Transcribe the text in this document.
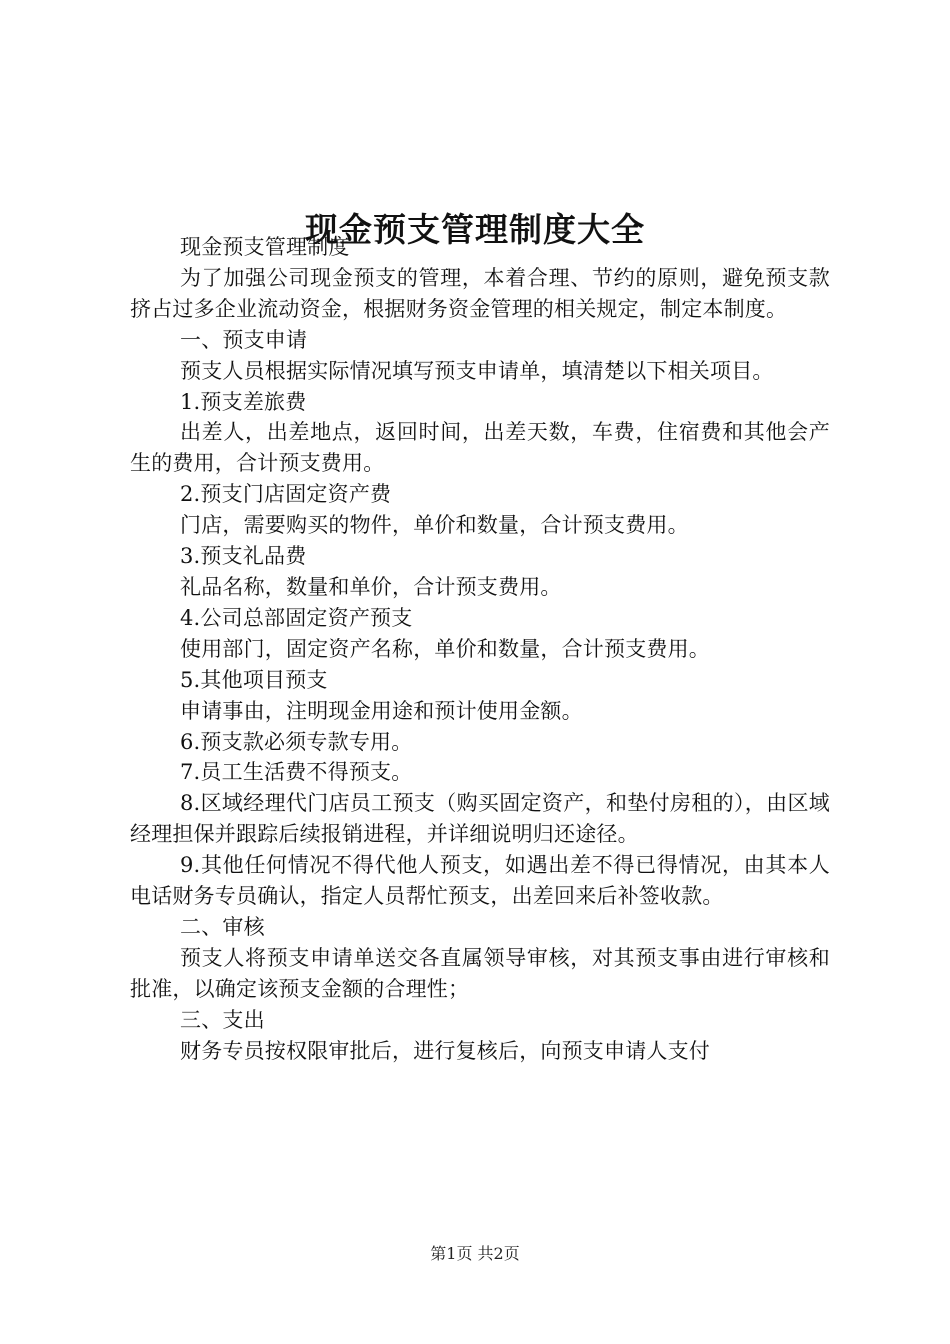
现金预支管理制度大全

现金预支管理制度

为了加强公司现金预支的管理，本着合理、节约的原则，避免预支款挤占过多企业流动资金，根据财务资金管理的相关规定，制定本制度。

一、预支申请

预支人员根据实际情况填写预支申请单，填清楚以下相关项目。

1.预支差旅费

出差人，出差地点，返回时间，出差天数，车费，住宿费和其他会产生的费用，合计预支费用。

2.预支门店固定资产费

门店，需要购买的物件，单价和数量，合计预支费用。

3.预支礼品费

礼品名称，数量和单价，合计预支费用。

4.公司总部固定资产预支

使用部门，固定资产名称，单价和数量，合计预支费用。

5.其他项目预支

申请事由，注明现金用途和预计使用金额。

6.预支款必须专款专用。

7.员工生活费不得预支。

8.区域经理代门店员工预支（购买固定资产，和垫付房租的），由区域经理担保并跟踪后续报销进程，并详细说明归还途径。

9.其他任何情况不得代他人预支，如遇出差不得已得情况，由其本人电话财务专员确认，指定人员帮忙预支，出差回来后补签收款。

二、审核

预支人将预支申请单送交各直属领导审核，对其预支事由进行审核和批准，以确定该预支金额的合理性；

三、支出

财务专员按权限审批后，进行复核后，向预支申请人支付

第1页 共2页
